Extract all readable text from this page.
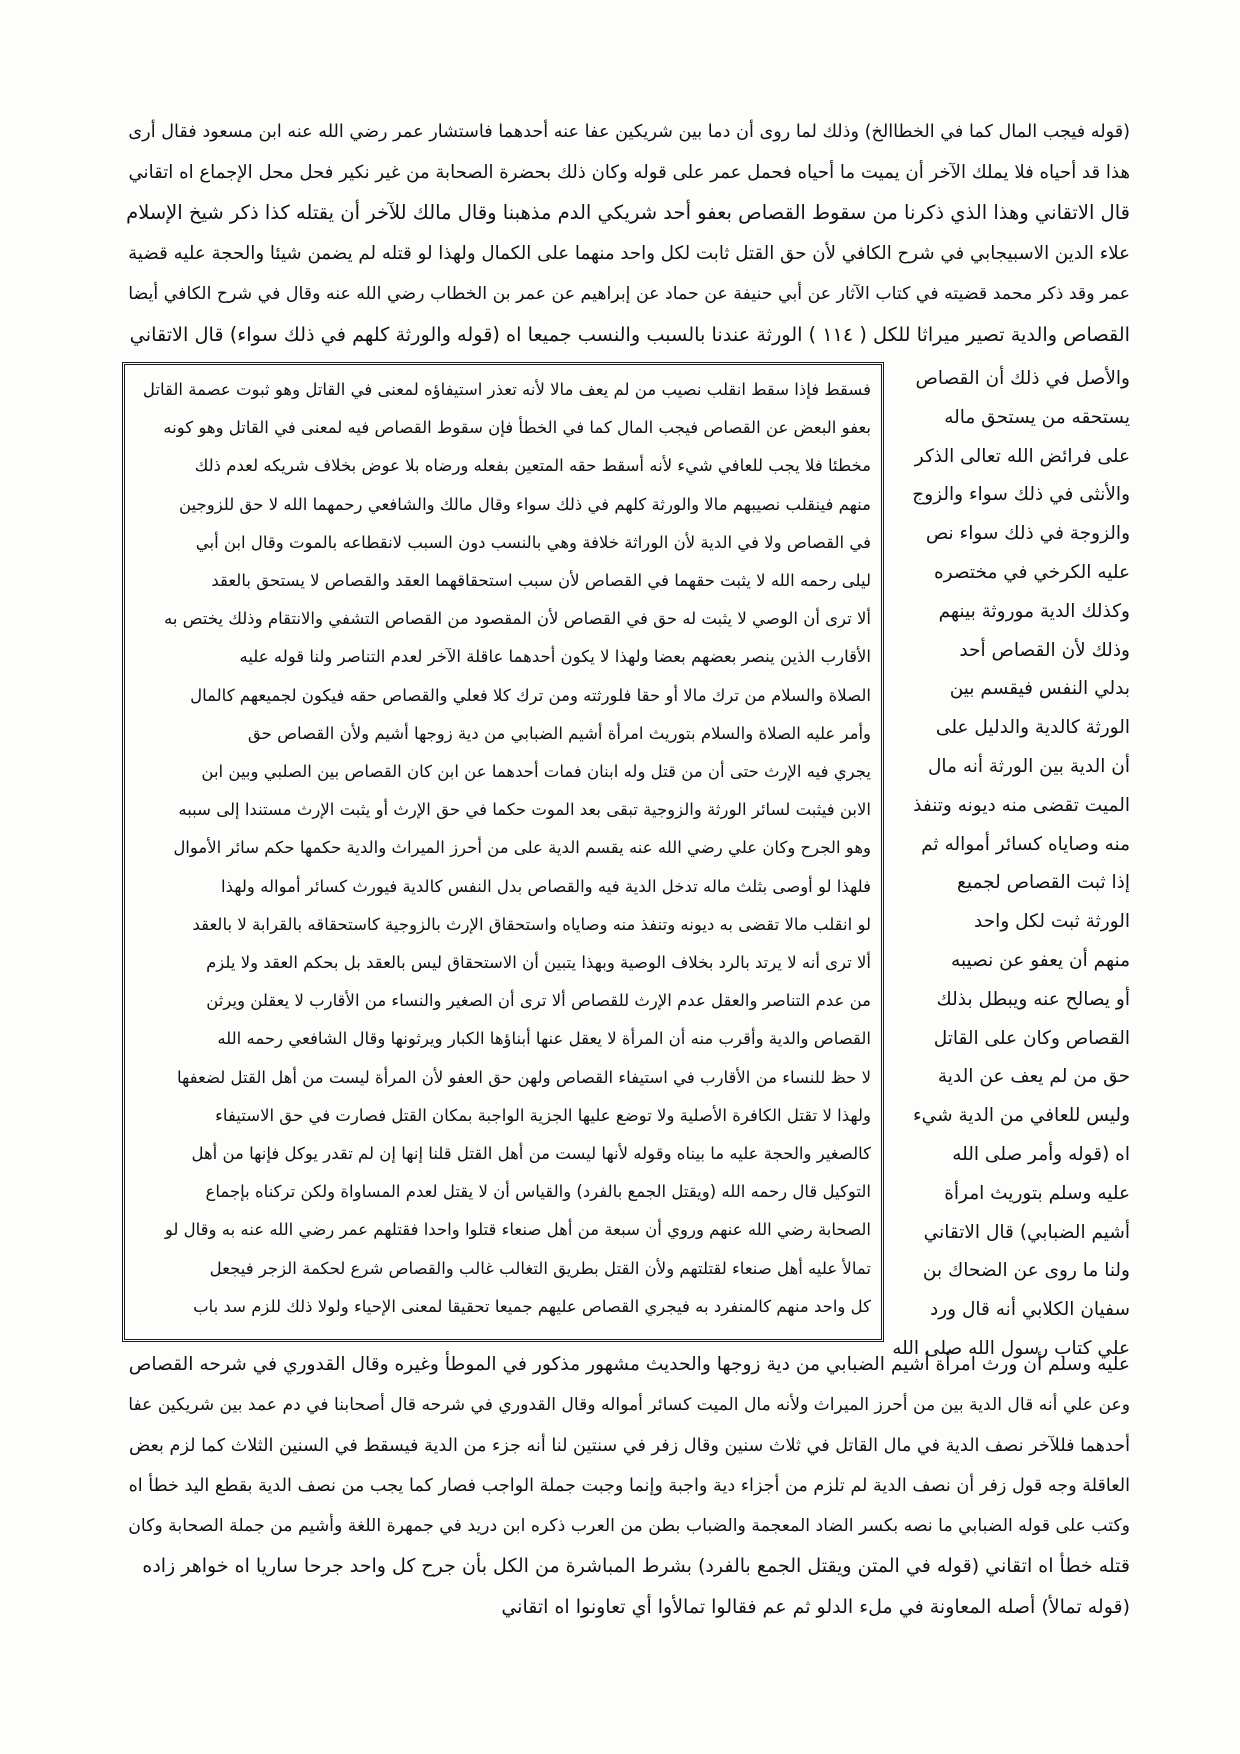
(قوله فيجب المال كما في الخطاالخ) وذلك لما روى أن دما بين شريكين عفا عنه أحدهما فاستشار عمر رضي الله عنه ابن مسعود فقال أرى
هذا قد أحياه فلا يملك الآخر أن يميت ما أحياه فحمل عمر على قوله وكان ذلك بحضرة الصحابة من غير نكير فحل محل الإجماع اه اتقاني
قال الاتقاني وهذا الذي ذكرنا من سقوط القصاص بعفو أحد شريكي الدم مذهبنا وقال مالك للآخر أن يقتله كذا ذكر شيخ الإسلام
علاء الدين الاسبيجابي في شرح الكافي لأن حق القتل ثابت لكل واحد منهما على الكمال ولهذا لو قتله لم يضمن شيئا والحجة عليه قضية
عمر وقد ذكر محمد قضيته في كتاب الآثار عن أبي حنيفة عن حماد عن إبراهيم عن عمر بن الخطاب رضي الله عنه وقال في شرح الكافي أيضا
القصاص والدية تصير ميراثا للكل ( ١١٤ ) الورثة عندنا بالسبب والنسب جميعا اه (قوله والورثة كلهم في ذلك سواء) قال الاتقاني
والأصل في ذلك أن القصاص
يستحقه من يستحق ماله
على فرائض الله تعالى الذكر
والأنثى في ذلك سواء والزوج
والزوجة في ذلك سواء نص
عليه الكرخي في مختصره
وكذلك الدية موروثة بينهم
وذلك لأن القصاص أحد
بدلي النفس فيقسم بين
الورثة كالدية والدليل على
أن الدية بين الورثة أنه مال
الميت تقضى منه ديونه وتنفذ
منه وصاياه كسائر أمواله ثم
إذا ثبت القصاص لجميع
الورثة ثبت لكل واحد
منهم أن يعفو عن نصيبه
أو يصالح عنه ويبطل بذلك
القصاص وكان على القاتل
حق من لم يعف عن الدية
وليس للعافي من الدية شيء
اه (قوله وأمر صلى الله
عليه وسلم بتوريث امرأة
أشيم الضبابي) قال الاتقاني
ولنا ما روى عن الضحاك بن
سفيان الكلابي أنه قال ورد
علي كتاب رسول الله صلى الله
فسقط فإذا سقط انقلب نصيب من لم يعف مالا لأنه تعذر استيفاؤه لمعنى في القاتل وهو ثبوت عصمة القاتل
بعفو البعض عن القصاص فيجب المال كما في الخطأ فإن سقوط القصاص فيه لمعنى في القاتل وهو كونه
مخطئا فلا يجب للعافي شيء لأنه أسقط حقه المتعين بفعله ورضاه بلا عوض بخلاف شريكه لعدم ذلك
منهم فينقلب نصيبهم مالا والورثة كلهم في ذلك سواء وقال مالك والشافعي رحمهما الله لا حق للزوجين
في القصاص ولا في الدية لأن الوراثة خلافة وهي بالنسب دون السبب لانقطاعه بالموت وقال ابن أبي
ليلى رحمه الله لا يثبت حقهما في القصاص لأن سبب استحقاقهما العقد والقصاص لا يستحق بالعقد
ألا ترى أن الوصي لا يثبت له حق في القصاص لأن المقصود من القصاص التشفي والانتقام وذلك يختص به
الأقارب الذين ينصر بعضهم بعضا ولهذا لا يكون أحدهما عاقلة الآخر لعدم التناصر ولنا قوله عليه
الصلاة والسلام من ترك مالا أو حقا فلورثته ومن ترك كلا فعلي والقصاص حقه فيكون لجميعهم كالمال
وأمر عليه الصلاة والسلام بتوريث امرأة أشيم الضبابي من دية زوجها أشيم ولأن القصاص حق
يجري فيه الإرث حتى أن من قتل وله ابنان فمات أحدهما عن ابن كان القصاص بين الصلبي وبين ابن
الابن فيثبت لسائر الورثة والزوجية تبقى بعد الموت حكما في حق الإرث أو يثبت الإرث مستندا إلى سببه
وهو الجرح وكان علي رضي الله عنه يقسم الدية على من أحرز الميراث والدية حكمها حكم سائر الأموال
فلهذا لو أوصى بثلث ماله تدخل الدية فيه والقصاص بدل النفس كالدية فيورث كسائر أمواله ولهذا
لو انقلب مالا تقضى به ديونه وتنفذ منه وصاياه واستحقاق الإرث بالزوجية كاستحقاقه بالقرابة لا بالعقد
ألا ترى أنه لا يرتد بالرد بخلاف الوصية وبهذا يتبين أن الاستحقاق ليس بالعقد بل بحكم العقد ولا يلزم
من عدم التناصر والعقل عدم الإرث للقصاص ألا ترى أن الصغير والنساء من الأقارب لا يعقلن ويرثن
القصاص والدية وأقرب منه أن المرأة لا يعقل عنها أبناؤها الكبار ويرثونها وقال الشافعي رحمه الله
لا حظ للنساء من الأقارب في استيفاء القصاص ولهن حق العفو لأن المرأة ليست من أهل القتل لضعفها
ولهذا لا تقتل الكافرة الأصلية ولا توضع عليها الجزية الواجبة بمكان القتل فصارت في حق الاستيفاء
كالصغير والحجة عليه ما بيناه وقوله لأنها ليست من أهل القتل قلنا إنها إن لم تقدر يوكل فإنها من أهل
التوكيل قال رحمه الله (ويقتل الجمع بالفرد) والقياس أن لا يقتل لعدم المساواة ولكن تركناه بإجماع
الصحابة رضي الله عنهم وروي أن سبعة من أهل صنعاء قتلوا واحدا فقتلهم عمر رضي الله عنه به وقال لو
تمالأ عليه أهل صنعاء لقتلتهم ولأن القتل بطريق التغالب غالب والقصاص شرع لحكمة الزجر فيجعل
كل واحد منهم كالمنفرد به فيجري القصاص عليهم جميعا تحقيقا لمعنى الإحياء ولولا ذلك للزم سد باب
عليه وسلم أن ورث امرأة أشيم الضبابي من دية زوجها والحديث مشهور مذكور في الموطأ وغيره وقال القدوري في شرحه القصاص
وعن علي أنه قال الدية بين من أحرز الميراث ولأنه مال الميت كسائر أمواله وقال القدوري في شرحه قال أصحابنا في دم عمد بين شريكين عفا
أحدهما فللآخر نصف الدية في مال القاتل في ثلاث سنين وقال زفر في سنتين لنا أنه جزء من الدية فيسقط في السنين الثلاث كما لزم بعض
العاقلة وجه قول زفر أن نصف الدية لم تلزم من أجزاء دية واجبة وإنما وجبت جملة الواجب فصار كما يجب من نصف الدية بقطع اليد خطأ اه
وكتب على قوله الضبابي ما نصه بكسر الضاد المعجمة والضباب بطن من العرب ذكره ابن دريد في جمهرة اللغة وأشيم من جملة الصحابة وكان
قتله خطأ اه اتقاني (قوله في المتن ويقتل الجمع بالفرد) بشرط المباشرة من الكل بأن جرح كل واحد جرحا ساريا اه خواهر زاده
(قوله تمالأ) أصله المعاونة في ملء الدلو ثم عم فقالوا تمالأوا أي تعاونوا اه اتقاني
